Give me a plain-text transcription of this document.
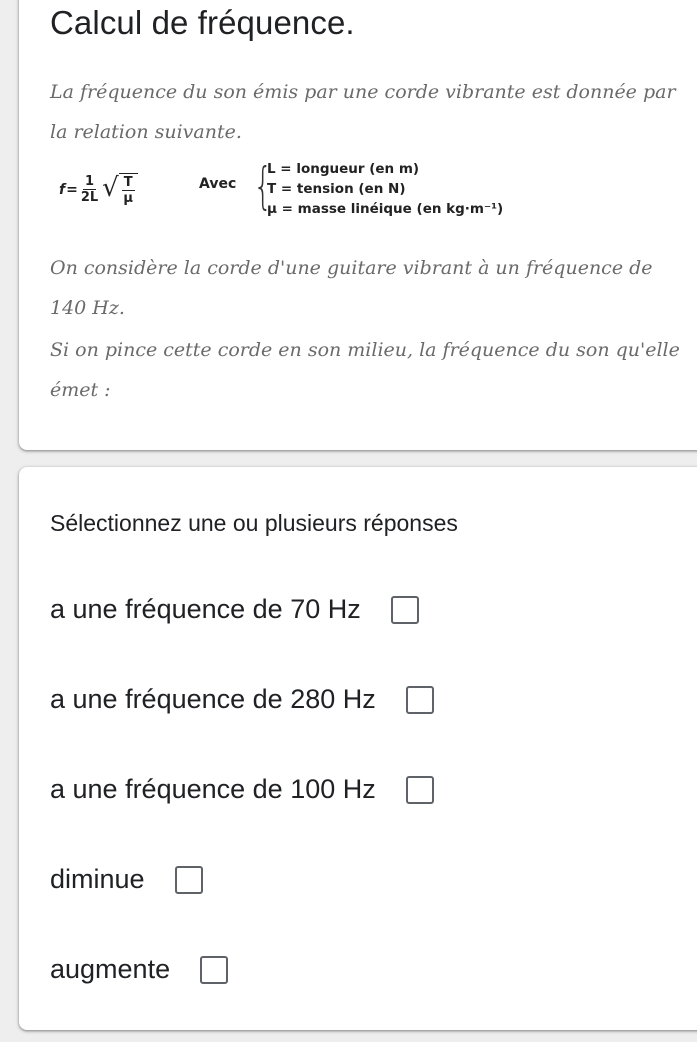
Calcul de fréquence.

La fréquence du son émis par une corde vibrante est donnée par la relation suivante.

$f = \frac{1}{2L}$ √ $\frac{T}{\mu}$	Avec {
L = longueur (en m)
T = tension (en N)
μ = masse linéique (en kg·m⁻¹)

On considère la corde d'une guitare vibrant à un fréquence de 140 Hz.

Si on pince cette corde en son milieu, la fréquence du son qu'elle émet :

Sélectionnez une ou plusieurs réponses

a une fréquence de 70 Hz
a une fréquence de 280 Hz
a une fréquence de 100 Hz
diminue
augmente
